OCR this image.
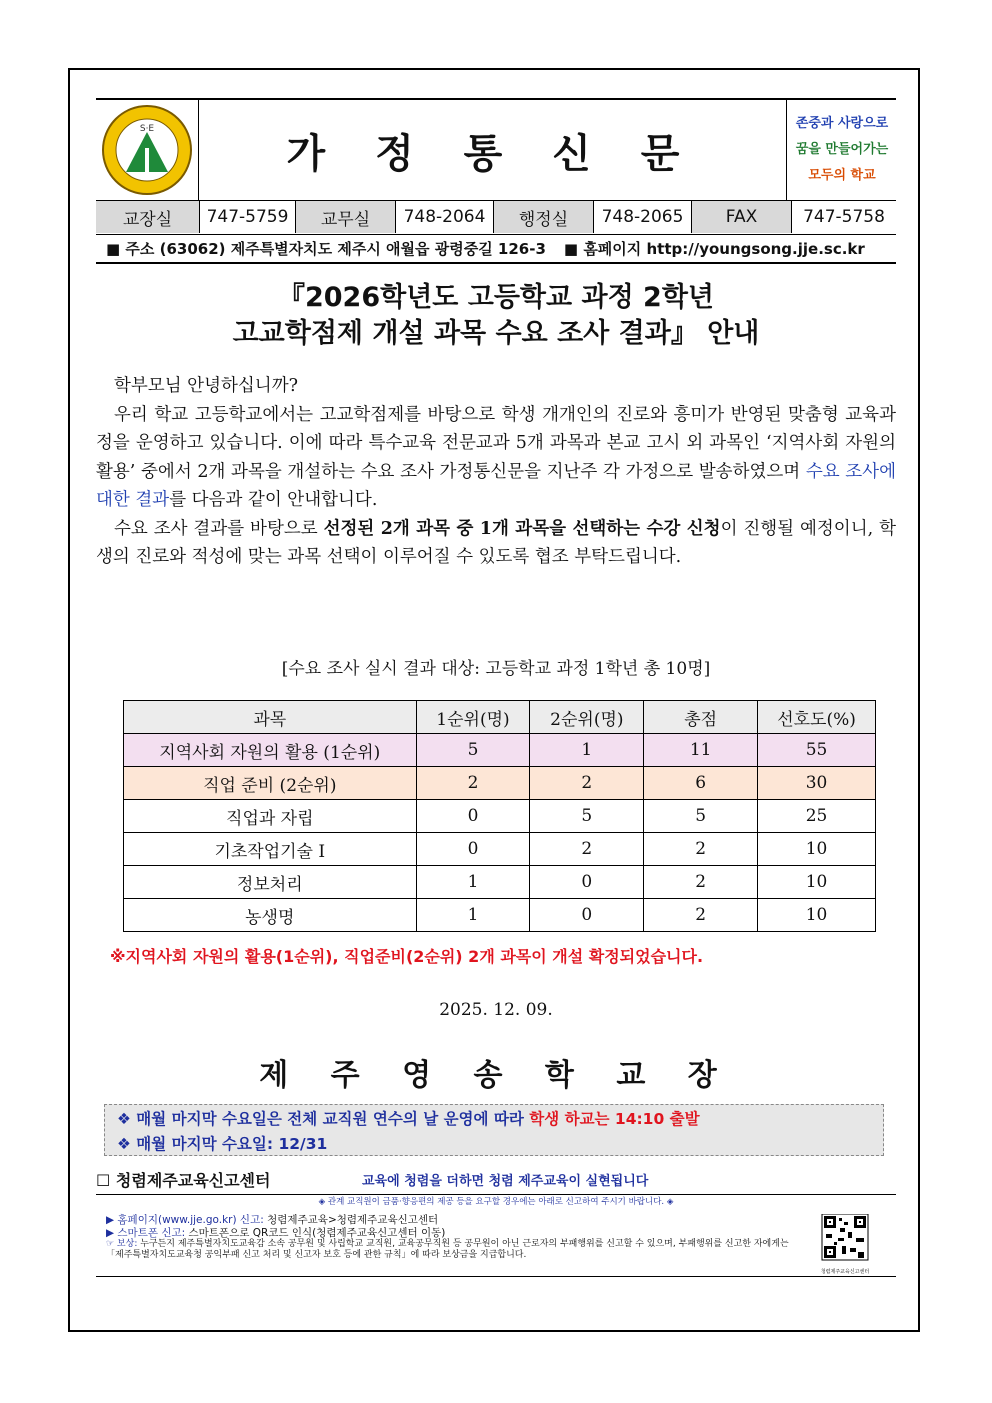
S·E
가 정 통 신 문
존중과 사랑으로
꿈을 만들어가는
모두의 학교
교장실	747-5759	교무실	748-2064	행정실	748-2065	FAX	747-5758
■ 주소 (63062) 제주특별자치도 제주시 애월읍 광령중길 126-3 ■ 홈페이지 http://youngsong.jje.sc.kr
『2026학년도 고등학교 과정 2학년
고교학점제 개설 과목 수요 조사 결과』 안내

학부모님 안녕하십니까?

우리 학교 고등학교에서는 고교학점제를 바탕으로 학생 개개인의 진로와 흥미가 반영된 맞춤형 교육과정을 운영하고 있습니다. 이에 따라 특수교육 전문교과 5개 과목과 본교 고시 외 과목인 ‘지역사회 자원의 활용’ 중에서 2개 과목을 개설하는 수요 조사 가정통신문을 지난주 각 가정으로 발송하였으며 수요 조사에 대한 결과를 다음과 같이 안내합니다.

수요 조사 결과를 바탕으로 선정된 2개 과목 중 1개 과목을 선택하는 수강 신청이 진행될 예정이니, 학생의 진로와 적성에 맞는 과목 선택이 이루어질 수 있도록 협조 부탁드립니다.

[수요 조사 실시 결과 대상: 고등학교 과정 1학년 총 10명]
과목	1순위(명)	2순위(명)	총점	선호도(%)
지역사회 자원의 활용 (1순위)	5	1	11	55
직업 준비 (2순위)	2	2	6	30
직업과 자립	0	5	5	25
기초작업기술 I	0	2	2	10
정보처리	1	0	2	10
농생명	1	0	2	10
※지역사회 자원의 활용(1순위), 직업준비(2순위) 2개 과목이 개설 확정되었습니다.
2025. 12. 09.
제 주 영 송 학 교 장
❖ 매월 마지막 수요일은 전체 교직원 연수의 날 운영에 따라 학생 하교는 14:10 출발
❖ 매월 마지막 수요일: 12/31
☐ 청렴제주교육신고센터	교육에 청렴을 더하면 청렴 제주교육이 실현됩니다
◈ 관계 교직원이 금품·향응편의 제공 등을 요구할 경우에는 아래로 신고하여 주시기 바랍니다. ◈
▶ 홈페이지(www.jje.go.kr) 신고: 청렴제주교육>청렴제주교육신고센터
▶ 스마트폰 신고: 스마트폰으로 QR코드 인식(청렴제주교육신고센터 이동)
☞ 보상: 누구든지 제주특별자치도교육감 소속 공무원 및 사립학교 교직원, 교육공무직원 등 공무원이 아닌 근로자의 부패행위를 신고할 수 있으며, 부패행위를 신고한 자에게는 「제주특별자치도교육청 공익부패 신고 처리 및 신고자 보호 등에 관한 규칙」에 따라 보상금을 지급합니다.
청렴제주교육신고센터
